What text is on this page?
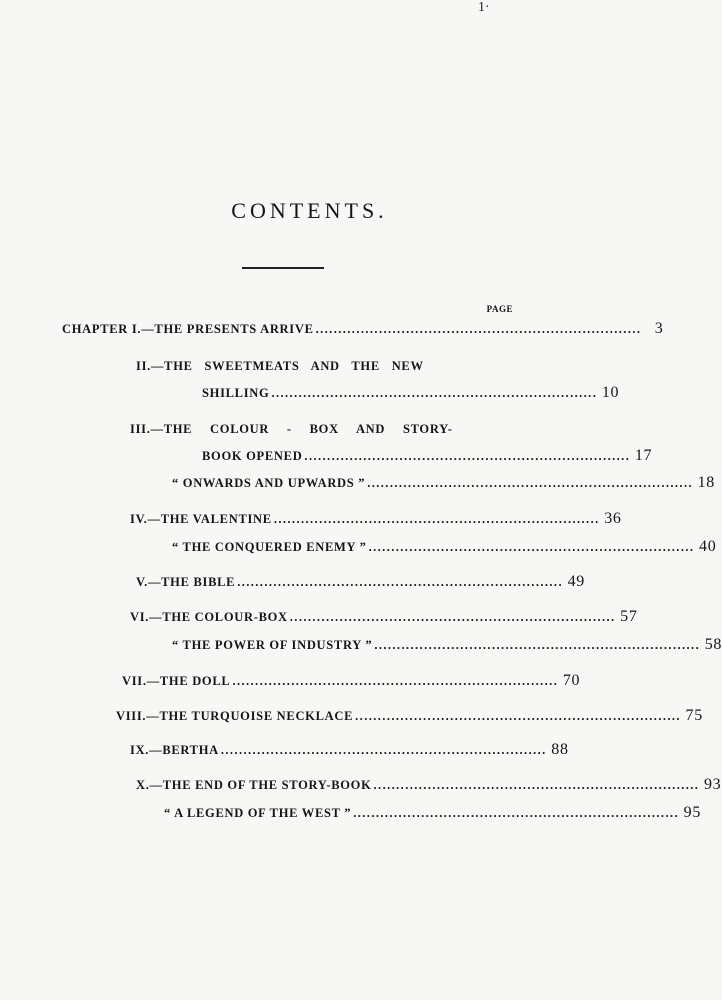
1·
CONTENTS.
PAGE
CHAPTER I.—THE PRESENTS ARRIVE ........................................................................ 3
II.—THE SWEETMEATS AND THE NEW
SHILLING ........................................................................ 10
III.—THE COLOUR - BOX AND STORY-
BOOK OPENED ........................................................................ 17
“ ONWARDS AND UPWARDS ” ........................................................................ 18
IV.—THE VALENTINE ........................................................................ 36
“ THE CONQUERED ENEMY ” ........................................................................ 40
V.—THE BIBLE ........................................................................ 49
VI.—THE COLOUR-BOX ........................................................................ 57
“ THE POWER OF INDUSTRY ” ........................................................................ 58
VII.—THE DOLL ........................................................................ 70
VIII.—THE TURQUOISE NECKLACE ........................................................................ 75
IX.—BERTHA ........................................................................ 88
X.—THE END OF THE STORY-BOOK ........................................................................ 93
“ A LEGEND OF THE WEST ” ........................................................................ 95
